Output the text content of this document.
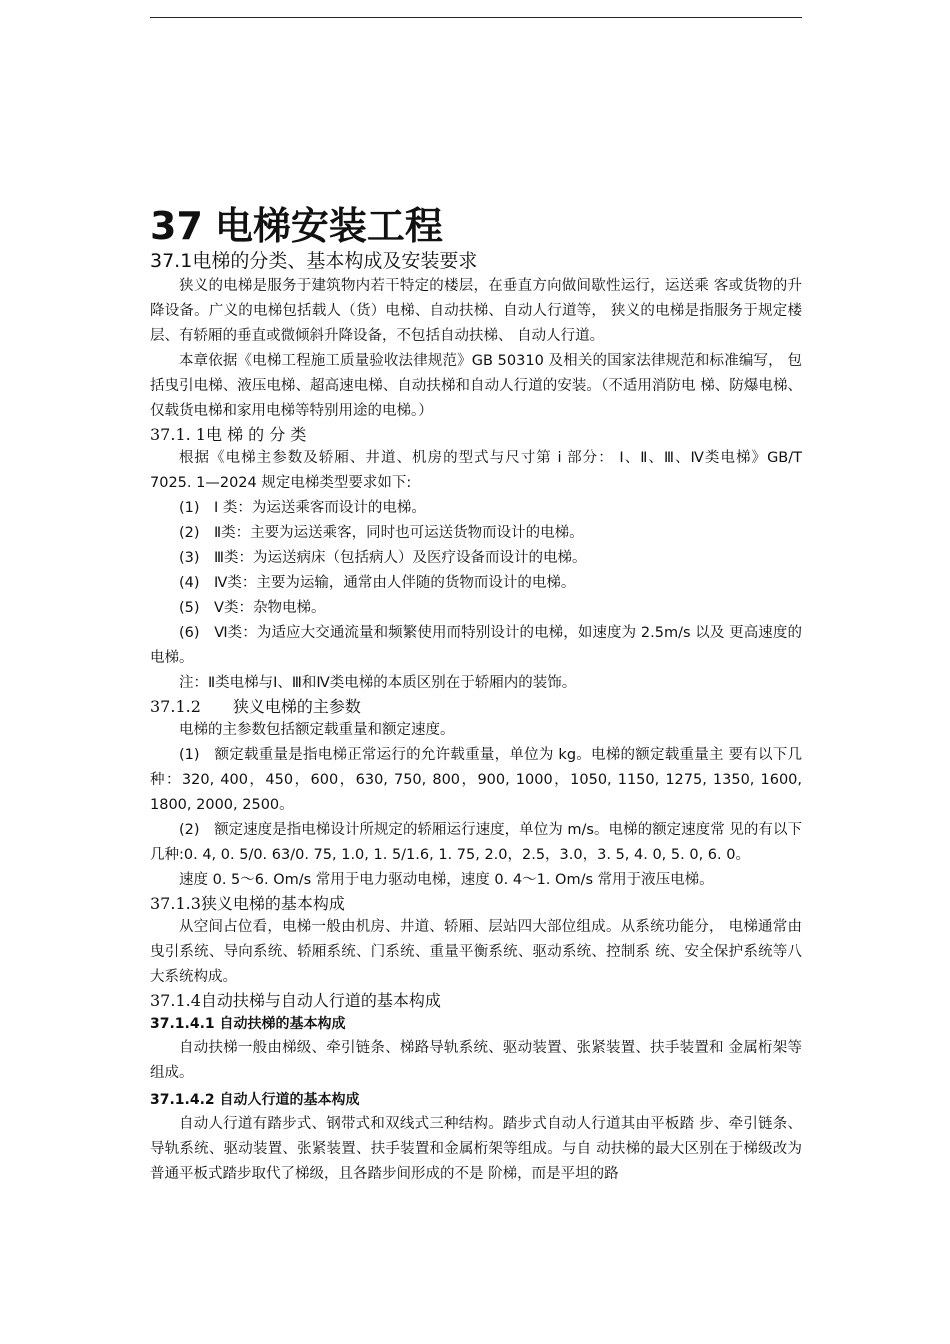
37 电梯安装工程
37.1电梯的分类、基本构成及安装要求

狭义的电梯是服务于建筑物内若干特定的楼层，在垂直方向做间歇性运行，运送乘 客或货物的升降设备。广义的电梯包括载人（货）电梯、自动扶梯、自动人行道等， 狭义的电梯是指服务于规定楼层、有轿厢的垂直或微倾斜升降设备，不包括自动扶梯、 自动人行道。

本章依据《电梯工程施工质量验收法律规范》GB 50310 及相关的国家法律规范和标准编写， 包括曳引电梯、液压电梯、超高速电梯、自动扶梯和自动人行道的安装。（不适用消防电 梯、防爆电梯、仅载货电梯和家用电梯等特别用途的电梯。）

37.1. 1电 梯 的 分 类

根据《电梯主参数及轿厢、井道、机房的型式与尺寸第 i 部分： Ⅰ、Ⅱ、Ⅲ、Ⅳ类电梯》GB/T 7025. 1—2024 规定电梯类型要求如下:

(1)　Ⅰ 类：为运送乘客而设计的电梯。

(2)　Ⅱ类：主要为运送乘客，同时也可运送货物而设计的电梯。

(3)　Ⅲ类：为运送病床（包括病人）及医疗设备而设计的电梯。

(4)　Ⅳ类：主要为运输，通常由人伴随的货物而设计的电梯。

(5)　Ⅴ类：杂物电梯。

(6)　Ⅵ类：为适应大交通流量和频繁使用而特别设计的电梯，如速度为 2.5m/s 以及 更高速度的电梯。

注：Ⅱ类电梯与Ⅰ、Ⅲ和Ⅳ类电梯的本质区别在于轿厢内的装饰。

37.1.2　　 狭义电梯的主参数

电梯的主参数包括额定载重量和额定速度。

(1)　额定载重量是指电梯正常运行的允许载重量，单位为 kg。电梯的额定载重量主 要有以下几种：320, 400，450，600，630, 750, 800，900, 1000，1050, 1150, 1275, 1350, 1600, 1800, 2000, 2500。

(2)　额定速度是指电梯设计所规定的轿厢运行速度，单位为 m/s。电梯的额定速度常 见的有以下几种:0. 4, 0. 5/0. 63/0. 75, 1.0, 1. 5/1.6, 1. 75, 2.0，2.5，3.0，3. 5, 4. 0, 5. 0, 6. 0。

速度 0. 5〜6. Om/s 常用于电力驱动电梯，速度 0. 4〜1. Om/s 常用于液压电梯。

37.1.3狭义电梯的基本构成

从空间占位看，电梯一般由机房、井道、轿厢、层站四大部位组成。从系统功能分， 电梯通常由曳引系统、导向系统、轿厢系统、门系统、重量平衡系统、驱动系统、控制系 统、安全保护系统等八大系统构成。

37.1.4自动扶梯与自动人行道的基本构成
37.1.4.1 自动扶梯的基本构成

自动扶梯一般由梯级、牵引链条、梯路导轨系统、驱动装置、张紧装置、扶手装置和 金属桁架等组成。

37.1.4.2 自动人行道的基本构成

自动人行道有踏步式、钢带式和双线式三种结构。踏步式自动人行道其由平板踏 步、牵引链条、导轨系统、驱动装置、张紧装置、扶手装置和金属桁架等组成。与自 动扶梯的最大区别在于梯级改为普通平板式踏步取代了梯级，且各踏步间形成的不是 阶梯，而是平坦的路
